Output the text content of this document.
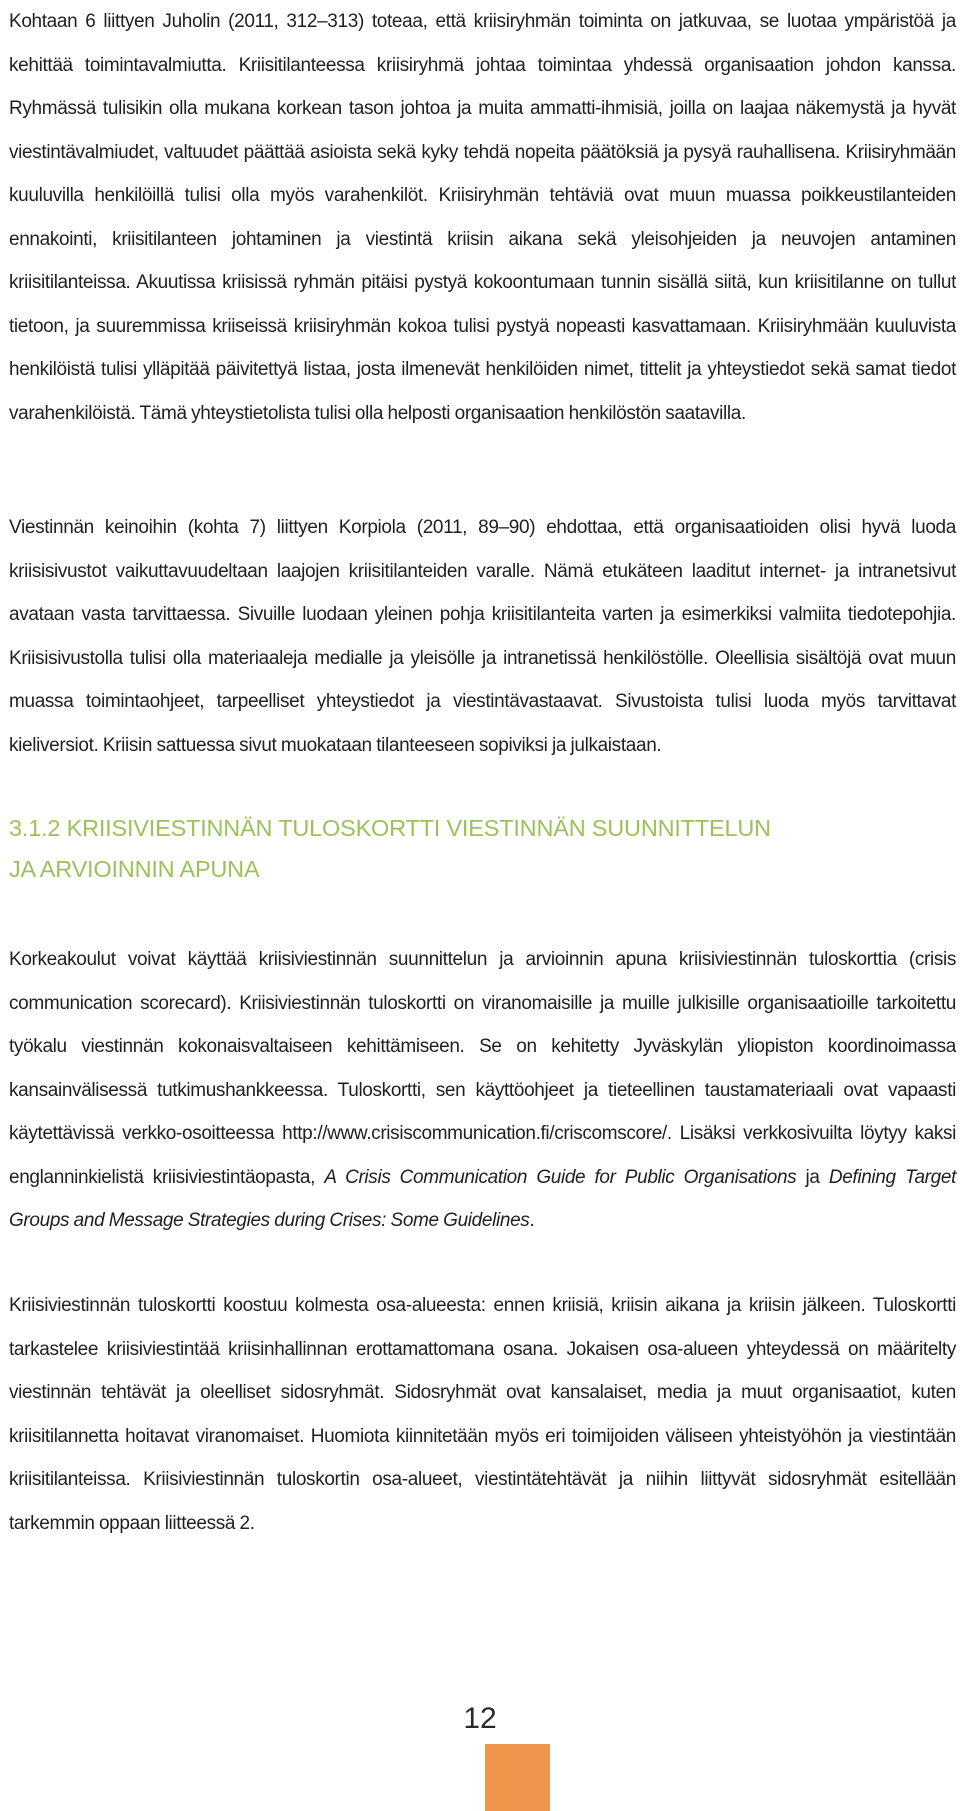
Kohtaan 6 liittyen Juholin (2011, 312–313) toteaa, että kriisiryhmän toiminta on jatkuvaa, se luotaa ympäristöä ja kehittää toimintavalmiutta. Kriisitilanteessa kriisiryhmä johtaa toimintaa yhdessä organisaation johdon kanssa. Ryhmässä tulisikin olla mukana korkean tason johtoa ja muita ammatti-ihmisiä, joilla on laajaa näkemystä ja hyvät viestintävalmiudet, valtuudet päättää asioista sekä kyky tehdä nopeita päätöksiä ja pysyä rauhallisena. Kriisiryhmään kuuluvilla henkilöillä tulisi olla myös varahenkilöt. Kriisiryhmän tehtäviä ovat muun muassa poikkeustilanteiden ennakointi, kriisitilanteen johtaminen ja viestintä kriisin aikana sekä yleisohjeiden ja neuvojen antaminen kriisitilanteissa. Akuutissa kriisissä ryhmän pitäisi pystyä kokoontumaan tunnin sisällä siitä, kun kriisitilanne on tullut tietoon, ja suuremmissa kriiseissä kriisiryhmän kokoa tulisi pystyä nopeasti kasvattamaan. Kriisiryhmään kuuluvista henkilöistä tulisi ylläpitää päivitettyä listaa, josta ilmenevät henkilöiden nimet, tittelit ja yhteystiedot sekä samat tiedot varahenkilöistä. Tämä yhteystietolista tulisi olla helposti organisaation henkilöstön saatavilla.

Viestinnän keinoihin (kohta 7) liittyen Korpiola (2011, 89–90) ehdottaa, että organisaatioiden olisi hyvä luoda kriisisivustot vaikuttavuudeltaan laajojen kriisitilanteiden varalle. Nämä etukäteen laaditut internet- ja intranetsivut avataan vasta tarvittaessa. Sivuille luodaan yleinen pohja kriisitilanteita varten ja esimerkiksi valmiita tiedotepohjia. Kriisisivustolla tulisi olla materiaaleja medialle ja yleisölle ja intranetissä henkilöstölle. Oleellisia sisältöjä ovat muun muassa toimintaohjeet, tarpeelliset yhteystiedot ja viestintävastaavat. Sivustoista tulisi luoda myös tarvittavat kieliversiot. Kriisin sattuessa sivut muokataan tilanteeseen sopiviksi ja julkaistaan.

3.1.2 KRIISIVIESTINNÄN TULOSKORTTI VIESTINNÄN SUUNNITTELUN
JA ARVIOINNIN APUNA

Korkeakoulut voivat käyttää kriisiviestinnän suunnittelun ja arvioinnin apuna kriisiviestinnän tuloskorttia (crisis communication scorecard). Kriisiviestinnän tuloskortti on viranomaisille ja muille julkisille organisaatioille tarkoitettu työkalu viestinnän kokonaisvaltaiseen kehittämiseen. Se on kehitetty Jyväskylän yliopiston koordinoimassa kansainvälisessä tutkimushankkeessa. Tuloskortti, sen käyttöohjeet ja tieteellinen taustamateriaali ovat vapaasti käytettävissä verkko-osoitteessa http://www.crisiscommunication.fi/criscomscore/. Lisäksi verkkosivuilta löytyy kaksi englanninkielistä kriisiviestintäopasta, A Crisis Communication Guide for Public Organisations ja Defining Target Groups and Message Strategies during Crises: Some Guidelines.

Kriisiviestinnän tuloskortti koostuu kolmesta osa-alueesta: ennen kriisiä, kriisin aikana ja kriisin jälkeen. Tuloskortti tarkastelee kriisiviestintää kriisinhallinnan erottamattomana osana. Jokaisen osa-alueen yhteydessä on määritelty viestinnän tehtävät ja oleelliset sidosryhmät. Sidosryhmät ovat kansalaiset, media ja muut organisaatiot, kuten kriisitilannetta hoitavat viranomaiset. Huomiota kiinnitetään myös eri toimijoiden väliseen yhteistyöhön ja viestintään kriisitilanteissa. Kriisiviestinnän tuloskortin osa-alueet, viestintätehtävät ja niihin liittyvät sidosryhmät esitellään tarkemmin oppaan liitteessä 2.

12
